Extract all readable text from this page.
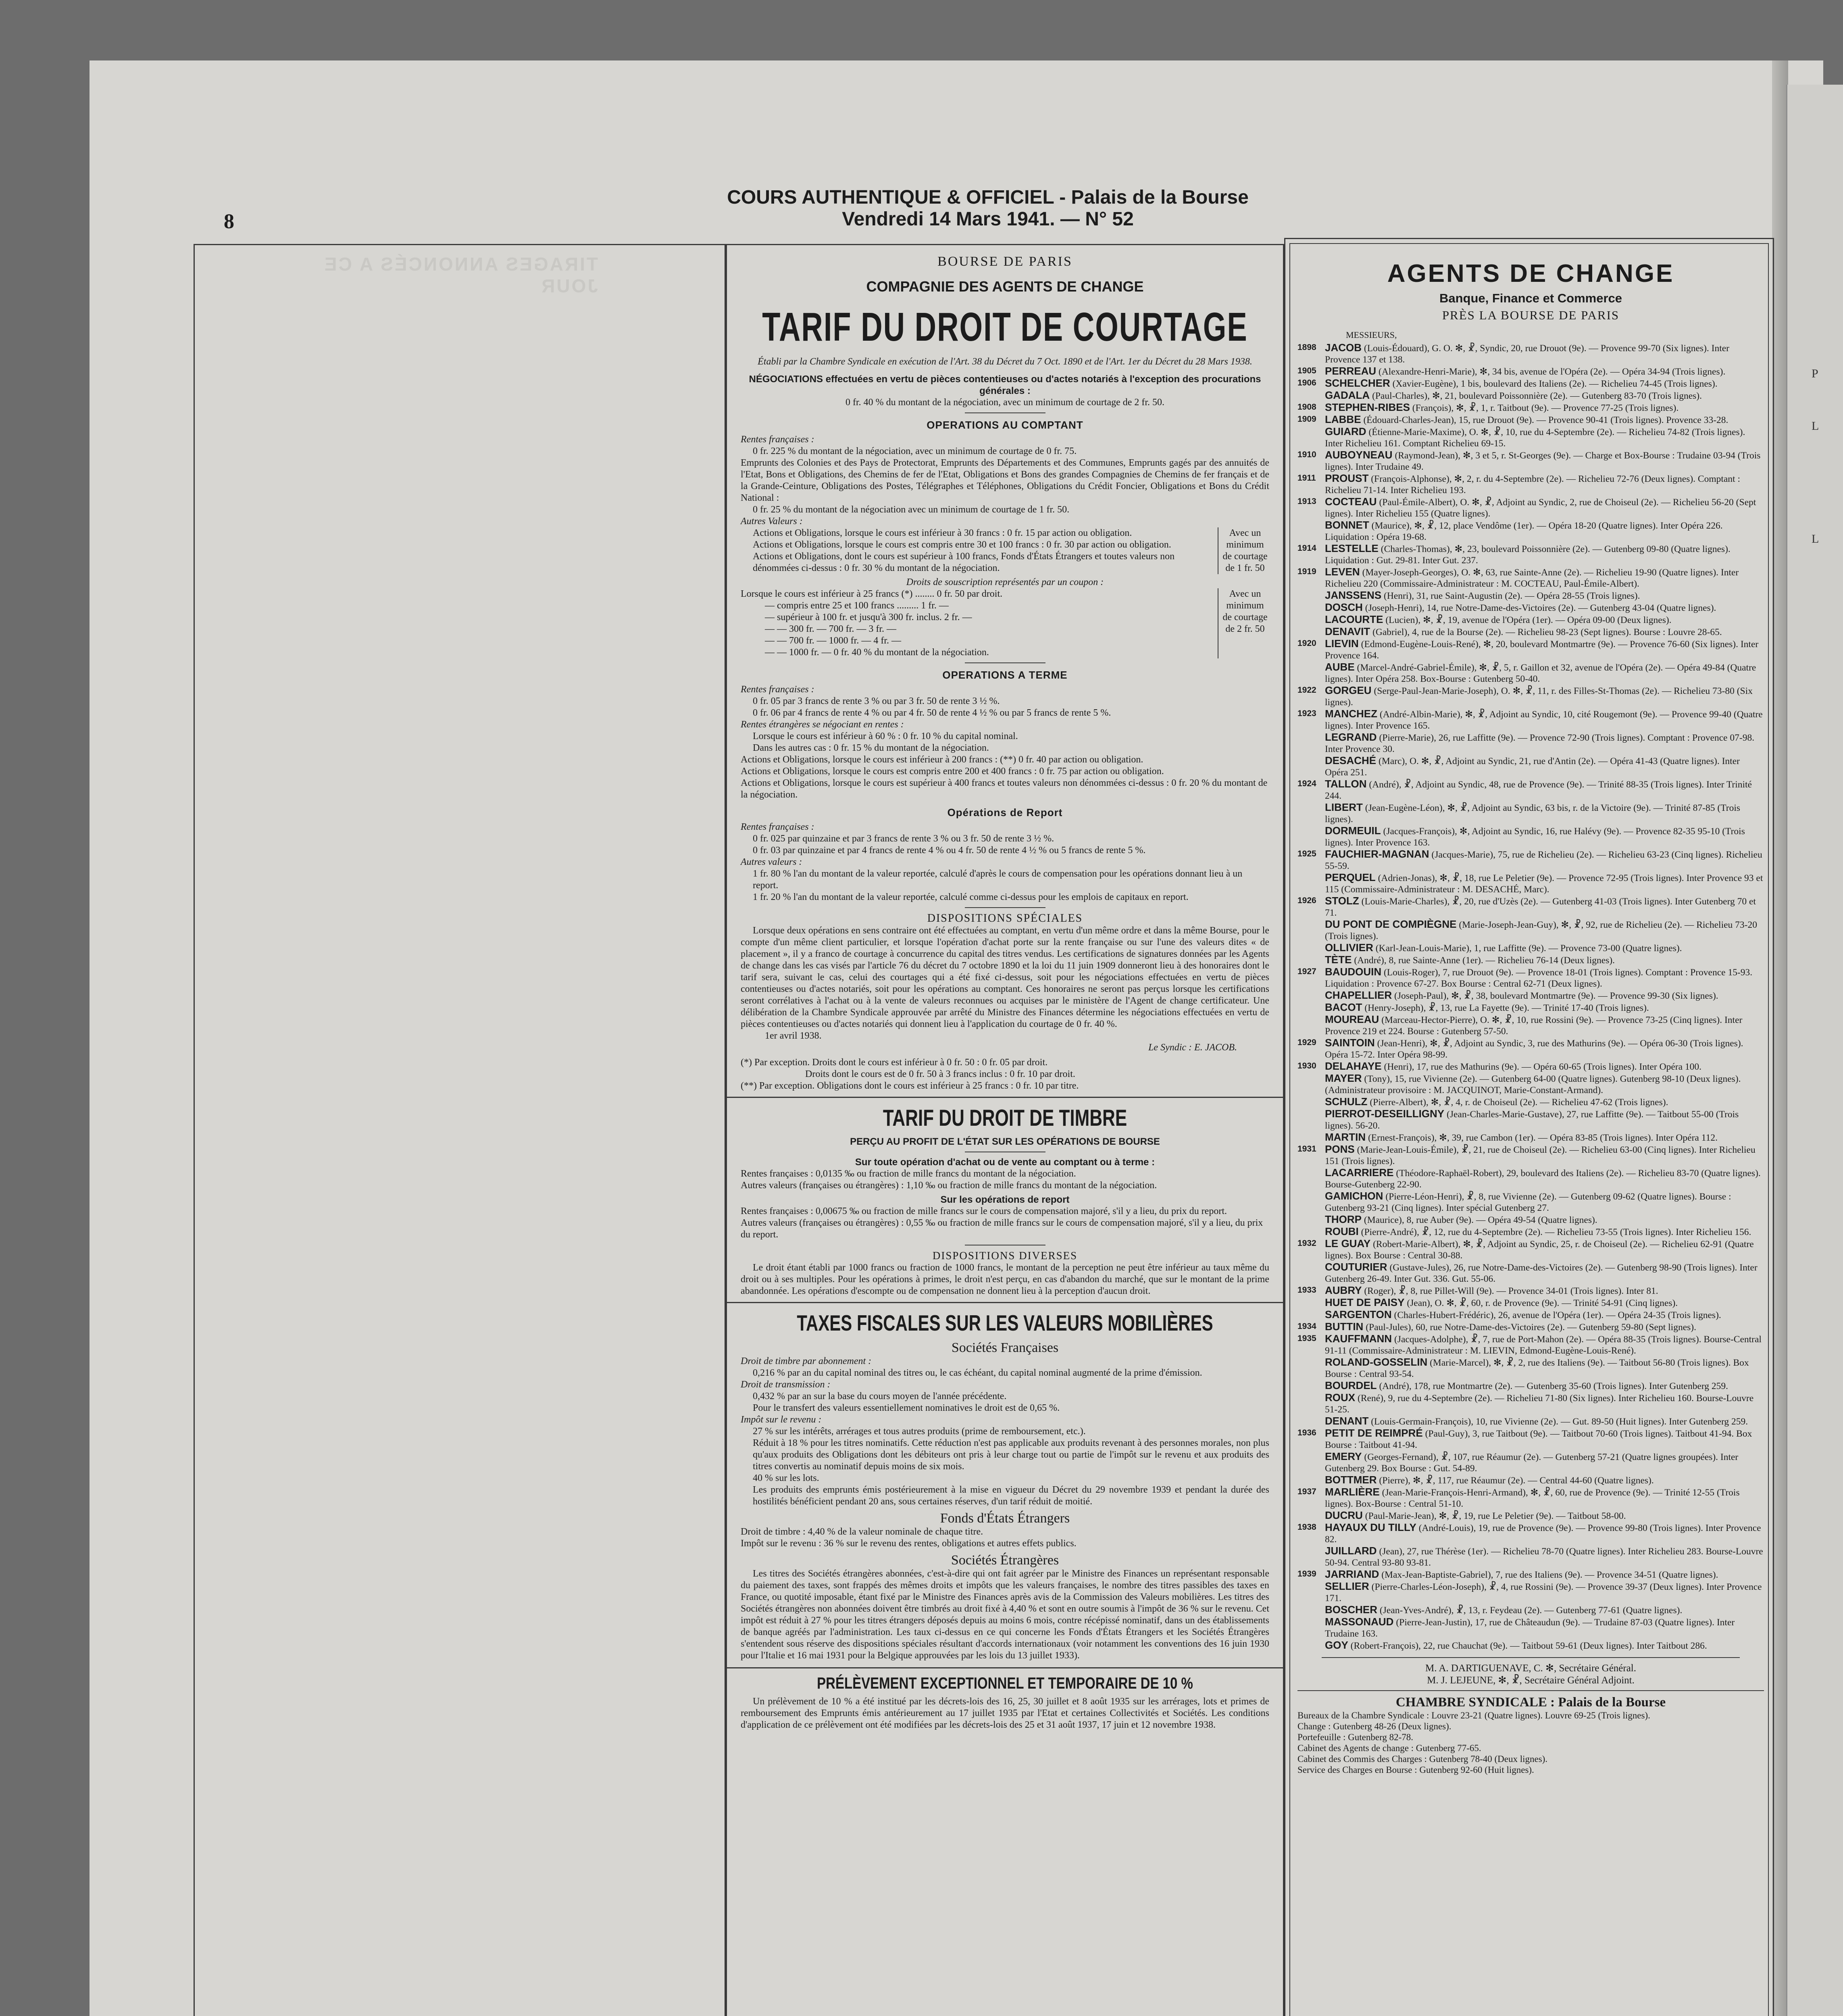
P
L
L
8
COURS AUTHENTIQUE & OFFICIEL - Palais de la Bourse
Vendredi 14 Mars 1941. — N° 52
TIRAGES ANNONCÉS A CE JOUR

BOURSE DE PARIS

COMPAGNIE DES AGENTS DE CHANGE

TARIF DU DROIT DE COURTAGE

Établi par la Chambre Syndicale en exécution de l'Art. 38 du Décret du 7 Oct. 1890 et de l'Art. 1er du Décret du 28 Mars 1938.

NÉGOCIATIONS effectuées en vertu de pièces contentieuses ou d'actes notariés à l'exception des procurations générales :

0 fr. 40 % du montant de la négociation, avec un minimum de courtage de 2 fr. 50.

OPERATIONS AU COMPTANT

Rentes françaises :

0 fr. 225 % du montant de la négociation, avec un minimum de courtage de 0 fr. 75.

Emprunts des Colonies et des Pays de Protectorat, Emprunts des Départements et des Communes, Emprunts gagés par des annuités de l'Etat, Bons et Obligations, des Chemins de fer de l'Etat, Obligations et Bons des grandes Compagnies de Chemins de fer français et de la Grande-Ceinture, Obligations des Postes, Télégraphes et Téléphones, Obligations du Crédit Foncier, Obligations et Bons du Crédit National :

0 fr. 25 % du montant de la négociation avec un minimum de courtage de 1 fr. 50.

Autres Valeurs :

Actions et Obligations, lorsque le cours est inférieur à 30 francs : 0 fr. 15 par action ou obligation.

Actions et Obligations, lorsque le cours est compris entre 30 et 100 francs : 0 fr. 30 par action ou obligation.

Actions et Obligations, dont le cours est supérieur à 100 francs, Fonds d'États Étrangers et toutes valeurs non dénommées ci-dessus : 0 fr. 30 % du montant de la négociation.

Avec un minimum de courtage de 1 fr. 50

Droits de souscription représentés par un coupon :

Lorsque le cours est inférieur à 25 francs (*) ........ 0 fr. 50 par droit.

— compris entre 25 et 100 francs ......... 1 fr. —

— supérieur à 100 fr. et jusqu'à 300 fr. inclus. 2 fr. —

— — 300 fr. — 700 fr. — 3 fr. —

— — 700 fr. — 1000 fr. — 4 fr. —

— — 1000 fr. — 0 fr. 40 % du montant de la négociation.

Avec un minimum de courtage de 2 fr. 50

OPERATIONS A TERME

Rentes françaises :

0 fr. 05 par 3 francs de rente 3 % ou par 3 fr. 50 de rente 3 ½ %.

0 fr. 06 par 4 francs de rente 4 % ou par 4 fr. 50 de rente 4 ½ % ou par 5 francs de rente 5 %.

Rentes étrangères se négociant en rentes :

Lorsque le cours est inférieur à 60 % : 0 fr. 10 % du capital nominal.

Dans les autres cas : 0 fr. 15 % du montant de la négociation.

Actions et Obligations, lorsque le cours est inférieur à 200 francs : (**) 0 fr. 40 par action ou obligation.

Actions et Obligations, lorsque le cours est compris entre 200 et 400 francs : 0 fr. 75 par action ou obligation.

Actions et Obligations, lorsque le cours est supérieur à 400 francs et toutes valeurs non dénommées ci-dessus : 0 fr. 20 % du montant de la négociation.

Opérations de Report

Rentes françaises :

0 fr. 025 par quinzaine et par 3 francs de rente 3 % ou 3 fr. 50 de rente 3 ½ %.

0 fr. 03 par quinzaine et par 4 francs de rente 4 % ou 4 fr. 50 de rente 4 ½ % ou 5 francs de rente 5 %.

Autres valeurs :

1 fr. 80 % l'an du montant de la valeur reportée, calculé d'après le cours de compensation pour les opérations donnant lieu à un report.

1 fr. 20 % l'an du montant de la valeur reportée, calculé comme ci-dessus pour les emplois de capitaux en report.

DISPOSITIONS SPÉCIALES

Lorsque deux opérations en sens contraire ont été effectuées au comptant, en vertu d'un même ordre et dans la même Bourse, pour le compte d'un même client particulier, et lorsque l'opération d'achat porte sur la rente française ou sur l'une des valeurs dites « de placement », il y a franco de courtage à concurrence du capital des titres vendus. Les certifications de signatures données par les Agents de change dans les cas visés par l'article 76 du décret du 7 octobre 1890 et la loi du 11 juin 1909 donneront lieu à des honoraires dont le tarif sera, suivant le cas, celui des courtages qui a été fixé ci-dessus, soit pour les négociations effectuées en vertu de pièces contentieuses ou d'actes notariés, soit pour les opérations au comptant. Ces honoraires ne seront pas perçus lorsque les certifications seront corrélatives à l'achat ou à la vente de valeurs reconnues ou acquises par le ministère de l'Agent de change certificateur. Une délibération de la Chambre Syndicale approuvée par arrêté du Ministre des Finances détermine les négociations effectuées en vertu de pièces contentieuses ou d'actes notariés qui donnent lieu à l'application du courtage de 0 fr. 40 %.

1er avril 1938.

Le Syndic : E. JACOB.

(*) Par exception. Droits dont le cours est inférieur à 0 fr. 50 : 0 fr. 05 par droit.

Droits dont le cours est de 0 fr. 50 à 3 francs inclus : 0 fr. 10 par droit.

(**) Par exception. Obligations dont le cours est inférieur à 25 francs : 0 fr. 10 par titre.

TARIF DU DROIT DE TIMBRE

PERÇU AU PROFIT DE L'ÉTAT SUR LES OPÉRATIONS DE BOURSE

Sur toute opération d'achat ou de vente au comptant ou à terme :

Rentes françaises : 0,0135 ‰ ou fraction de mille francs du montant de la négociation.

Autres valeurs (françaises ou étrangères) : 1,10 ‰ ou fraction de mille francs du montant de la négociation.

Sur les opérations de report

Rentes françaises : 0,00675 ‰ ou fraction de mille francs sur le cours de compensation majoré, s'il y a lieu, du prix du report.

Autres valeurs (françaises ou étrangères) : 0,55 ‰ ou fraction de mille francs sur le cours de compensation majoré, s'il y a lieu, du prix du report.

DISPOSITIONS DIVERSES

Le droit étant établi par 1000 francs ou fraction de 1000 francs, le montant de la perception ne peut être inférieur au taux même du droit ou à ses multiples. Pour les opérations à primes, le droit n'est perçu, en cas d'abandon du marché, que sur le montant de la prime abandonnée. Les opérations d'escompte ou de compensation ne donnent lieu à la perception d'aucun droit.

TAXES FISCALES SUR LES VALEURS MOBILIÈRES

Sociétés Françaises

Droit de timbre par abonnement :

0,216 % par an du capital nominal des titres ou, le cas échéant, du capital nominal augmenté de la prime d'émission.

Droit de transmission :

0,432 % par an sur la base du cours moyen de l'année précédente.

Pour le transfert des valeurs essentiellement nominatives le droit est de 0,65 %.

Impôt sur le revenu :

27 % sur les intérêts, arrérages et tous autres produits (prime de remboursement, etc.).

Réduit à 18 % pour les titres nominatifs. Cette réduction n'est pas applicable aux produits revenant à des personnes morales, non plus qu'aux produits des Obligations dont les débiteurs ont pris à leur charge tout ou partie de l'impôt sur le revenu et aux produits des titres convertis au nominatif depuis moins de six mois.

40 % sur les lots.

Les produits des emprunts émis postérieurement à la mise en vigueur du Décret du 29 novembre 1939 et pendant la durée des hostilités bénéficient pendant 20 ans, sous certaines réserves, d'un tarif réduit de moitié.

Fonds d'États Étrangers

Droit de timbre : 4,40 % de la valeur nominale de chaque titre.

Impôt sur le revenu : 36 % sur le revenu des rentes, obligations et autres effets publics.

Sociétés Étrangères

Les titres des Sociétés étrangères abonnées, c'est-à-dire qui ont fait agréer par le Ministre des Finances un représentant responsable du paiement des taxes, sont frappés des mêmes droits et impôts que les valeurs françaises, le nombre des titres passibles des taxes en France, ou quotité imposable, étant fixé par le Ministre des Finances après avis de la Commission des Valeurs mobilières. Les titres des Sociétés étrangères non abonnées doivent être timbrés au droit fixé à 4,40 % et sont en outre soumis à l'impôt de 36 % sur le revenu. Cet impôt est réduit à 27 % pour les titres étrangers déposés depuis au moins 6 mois, contre récépissé nominatif, dans un des établissements de banque agréés par l'administration. Les taux ci-dessus en ce qui concerne les Fonds d'États Étrangers et les Sociétés Étrangères s'entendent sous réserve des dispositions spéciales résultant d'accords internationaux (voir notamment les conventions des 16 juin 1930 pour l'Italie et 16 mai 1931 pour la Belgique approuvées par les lois du 13 juillet 1933).

PRÉLÈVEMENT EXCEPTIONNEL ET TEMPORAIRE DE 10 %

Un prélèvement de 10 % a été institué par les décrets-lois des 16, 25, 30 juillet et 8 août 1935 sur les arrérages, lots et primes de remboursement des Emprunts émis antérieurement au 17 juillet 1935 par l'Etat et certaines Collectivités et Sociétés. Les conditions d'application de ce prélèvement ont été modifiées par les décrets-lois des 25 et 31 août 1937, 17 juin et 12 novembre 1938.

AGENTS DE CHANGE

Banque, Finance et Commerce

PRÈS LA BOURSE DE PARIS

MESSIEURS,

1898 JACOB (Louis-Édouard), G. O. ✻, ☧, Syndic, 20, rue Drouot (9e). — Provence 99-70 (Six lignes). Inter Provence 137 et 138.
1905 PERREAU (Alexandre-Henri-Marie), ✻, 34 bis, avenue de l'Opéra (2e). — Opéra 34-94 (Trois lignes).
1906 SCHELCHER (Xavier-Eugène), 1 bis, boulevard des Italiens (2e). — Richelieu 74-45 (Trois lignes).
GADALA (Paul-Charles), ✻, 21, boulevard Poissonnière (2e). — Gutenberg 83-70 (Trois lignes).
1908 STEPHEN-RIBES (François), ✻, ☧, 1, r. Taitbout (9e). — Provence 77-25 (Trois lignes).
1909 LABBE (Édouard-Charles-Jean), 15, rue Drouot (9e). — Provence 90-41 (Trois lignes). Provence 33-28.
GUIARD (Étienne-Marie-Maxime), O. ✻, ☧, 10, rue du 4-Septembre (2e). — Richelieu 74-82 (Trois lignes). Inter Richelieu 161. Comptant Richelieu 69-15.
1910 AUBOYNEAU (Raymond-Jean), ✻, 3 et 5, r. St-Georges (9e). — Charge et Box-Bourse : Trudaine 03-94 (Trois lignes). Inter Trudaine 49.
1911 PROUST (François-Alphonse), ✻, 2, r. du 4-Septembre (2e). — Richelieu 72-76 (Deux lignes). Comptant : Richelieu 71-14. Inter Richelieu 193.
1913 COCTEAU (Paul-Émile-Albert), O. ✻, ☧, Adjoint au Syndic, 2, rue de Choiseul (2e). — Richelieu 56-20 (Sept lignes). Inter Richelieu 155 (Quatre lignes).
BONNET (Maurice), ✻, ☧, 12, place Vendôme (1er). — Opéra 18-20 (Quatre lignes). Inter Opéra 226. Liquidation : Opéra 19-68.
1914 LESTELLE (Charles-Thomas), ✻, 23, boulevard Poissonnière (2e). — Gutenberg 09-80 (Quatre lignes). Liquidation : Gut. 29-81. Inter Gut. 237.
1919 LEVEN (Mayer-Joseph-Georges), O. ✻, 63, rue Sainte-Anne (2e). — Richelieu 19-90 (Quatre lignes). Inter Richelieu 220 (Commissaire-Administrateur : M. COCTEAU, Paul-Émile-Albert).
JANSSENS (Henri), 31, rue Saint-Augustin (2e). — Opéra 28-55 (Trois lignes).
DOSCH (Joseph-Henri), 14, rue Notre-Dame-des-Victoires (2e). — Gutenberg 43-04 (Quatre lignes).
LACOURTE (Lucien), ✻, ☧, 19, avenue de l'Opéra (1er). — Opéra 09-00 (Deux lignes).
DENAVIT (Gabriel), 4, rue de la Bourse (2e). — Richelieu 98-23 (Sept lignes). Bourse : Louvre 28-65.
1920 LIEVIN (Edmond-Eugène-Louis-René), ✻, 20, boulevard Montmartre (9e). — Provence 76-60 (Six lignes). Inter Provence 164.
AUBE (Marcel-André-Gabriel-Émile), ✻, ☧, 5, r. Gaillon et 32, avenue de l'Opéra (2e). — Opéra 49-84 (Quatre lignes). Inter Opéra 258. Box-Bourse : Gutenberg 50-40.
1922 GORGEU (Serge-Paul-Jean-Marie-Joseph), O. ✻, ☧, 11, r. des Filles-St-Thomas (2e). — Richelieu 73-80 (Six lignes).
1923 MANCHEZ (André-Albin-Marie), ✻, ☧, Adjoint au Syndic, 10, cité Rougemont (9e). — Provence 99-40 (Quatre lignes). Inter Provence 165.
LEGRAND (Pierre-Marie), 26, rue Laffitte (9e). — Provence 72-90 (Trois lignes). Comptant : Provence 07-98. Inter Provence 30.
DESACHÉ (Marc), O. ✻, ☧, Adjoint au Syndic, 21, rue d'Antin (2e). — Opéra 41-43 (Quatre lignes). Inter Opéra 251.
1924 TALLON (André), ☧, Adjoint au Syndic, 48, rue de Provence (9e). — Trinité 88-35 (Trois lignes). Inter Trinité 244.
LIBERT (Jean-Eugène-Léon), ✻, ☧, Adjoint au Syndic, 63 bis, r. de la Victoire (9e). — Trinité 87-85 (Trois lignes).
DORMEUIL (Jacques-François), ✻, Adjoint au Syndic, 16, rue Halévy (9e). — Provence 82-35 95-10 (Trois lignes). Inter Provence 163.
1925 FAUCHIER-MAGNAN (Jacques-Marie), 75, rue de Richelieu (2e). — Richelieu 63-23 (Cinq lignes). Richelieu 55-59.
PERQUEL (Adrien-Jonas), ✻, ☧, 18, rue Le Peletier (9e). — Provence 72-95 (Trois lignes). Inter Provence 93 et 115 (Commissaire-Administrateur : M. DESACHÉ, Marc).
1926 STOLZ (Louis-Marie-Charles), ☧, 20, rue d'Uzès (2e). — Gutenberg 41-03 (Trois lignes). Inter Gutenberg 70 et 71.
DU PONT DE COMPIÈGNE (Marie-Joseph-Jean-Guy), ✻, ☧, 92, rue de Richelieu (2e). — Richelieu 73-20 (Trois lignes).
OLLIVIER (Karl-Jean-Louis-Marie), 1, rue Laffitte (9e). — Provence 73-00 (Quatre lignes).
TÈTE (André), 8, rue Sainte-Anne (1er). — Richelieu 76-14 (Deux lignes).
1927 BAUDOUIN (Louis-Roger), 7, rue Drouot (9e). — Provence 18-01 (Trois lignes). Comptant : Provence 15-93. Liquidation : Provence 67-27. Box Bourse : Central 62-71 (Deux lignes).
CHAPELLIER (Joseph-Paul), ✻, ☧, 38, boulevard Montmartre (9e). — Provence 99-30 (Six lignes).
BACOT (Henry-Joseph), ☧, 13, rue La Fayette (9e). — Trinité 17-40 (Trois lignes).
MOUREAU (Marceau-Hector-Pierre), O. ✻, ☧, 10, rue Rossini (9e). — Provence 73-25 (Cinq lignes). Inter Provence 219 et 224. Bourse : Gutenberg 57-50.
1929 SAINTOIN (Jean-Henri), ✻, ☧, Adjoint au Syndic, 3, rue des Mathurins (9e). — Opéra 06-30 (Trois lignes). Opéra 15-72. Inter Opéra 98-99.
1930 DELAHAYE (Henri), 17, rue des Mathurins (9e). — Opéra 60-65 (Trois lignes). Inter Opéra 100.
MAYER (Tony), 15, rue Vivienne (2e). — Gutenberg 64-00 (Quatre lignes). Gutenberg 98-10 (Deux lignes). (Administrateur provisoire : M. JACQUINOT, Marie-Constant-Armand).
SCHULZ (Pierre-Albert), ✻, ☧, 4, r. de Choiseul (2e). — Richelieu 47-62 (Trois lignes).
PIERROT-DESEILLIGNY (Jean-Charles-Marie-Gustave), 27, rue Laffitte (9e). — Taitbout 55-00 (Trois lignes). 56-20.
MARTIN (Ernest-François), ✻, 39, rue Cambon (1er). — Opéra 83-85 (Trois lignes). Inter Opéra 112.
1931 PONS (Marie-Jean-Louis-Émile), ☧, 21, rue de Choiseul (2e). — Richelieu 63-00 (Cinq lignes). Inter Richelieu 151 (Trois lignes).
LACARRIERE (Théodore-Raphaël-Robert), 29, boulevard des Italiens (2e). — Richelieu 83-70 (Quatre lignes). Bourse-Gutenberg 22-90.
GAMICHON (Pierre-Léon-Henri), ☧, 8, rue Vivienne (2e). — Gutenberg 09-62 (Quatre lignes). Bourse : Gutenberg 93-21 (Cinq lignes). Inter spécial Gutenberg 27.
THORP (Maurice), 8, rue Auber (9e). — Opéra 49-54 (Quatre lignes).
ROUBI (Pierre-André), ☧, 12, rue du 4-Septembre (2e). — Richelieu 73-55 (Trois lignes). Inter Richelieu 156.
1932 LE GUAY (Robert-Marie-Albert), ✻, ☧, Adjoint au Syndic, 25, r. de Choiseul (2e). — Richelieu 62-91 (Quatre lignes). Box Bourse : Central 30-88.
COUTURIER (Gustave-Jules), 26, rue Notre-Dame-des-Victoires (2e). — Gutenberg 98-90 (Trois lignes). Inter Gutenberg 26-49. Inter Gut. 336. Gut. 55-06.
1933 AUBRY (Roger), ☧, 8, rue Pillet-Will (9e). — Provence 34-01 (Trois lignes). Inter 81.
HUET DE PAISY (Jean), O. ✻, ☧, 60, r. de Provence (9e). — Trinité 54-91 (Cinq lignes).
SARGENTON (Charles-Hubert-Frédéric), 26, avenue de l'Opéra (1er). — Opéra 24-35 (Trois lignes).
1934 BUTTIN (Paul-Jules), 60, rue Notre-Dame-des-Victoires (2e). — Gutenberg 59-80 (Sept lignes).
1935 KAUFFMANN (Jacques-Adolphe), ☧, 7, rue de Port-Mahon (2e). — Opéra 88-35 (Trois lignes). Bourse-Central 91-11 (Commissaire-Administrateur : M. LIEVIN, Edmond-Eugène-Louis-René).
ROLAND-GOSSELIN (Marie-Marcel), ✻, ☧, 2, rue des Italiens (9e). — Taitbout 56-80 (Trois lignes). Box Bourse : Central 93-54.
BOURDEL (André), 178, rue Montmartre (2e). — Gutenberg 35-60 (Trois lignes). Inter Gutenberg 259.
ROUX (René), 9, rue du 4-Septembre (2e). — Richelieu 71-80 (Six lignes). Inter Richelieu 160. Bourse-Louvre 51-25.
DENANT (Louis-Germain-François), 10, rue Vivienne (2e). — Gut. 89-50 (Huit lignes). Inter Gutenberg 259.
1936 PETIT DE REIMPRÉ (Paul-Guy), 3, rue Taitbout (9e). — Taitbout 70-60 (Trois lignes). Taitbout 41-94. Box Bourse : Taitbout 41-94.
EMERY (Georges-Fernand), ☧, 107, rue Réaumur (2e). — Gutenberg 57-21 (Quatre lignes groupées). Inter Gutenberg 29. Box Bourse : Gut. 54-89.
BOTTMER (Pierre), ✻, ☧, 117, rue Réaumur (2e). — Central 44-60 (Quatre lignes).
1937 MARLIÈRE (Jean-Marie-François-Henri-Armand), ✻, ☧, 60, rue de Provence (9e). — Trinité 12-55 (Trois lignes). Box-Bourse : Central 51-10.
DUCRU (Paul-Marie-Jean), ✻, ☧, 19, rue Le Peletier (9e). — Taitbout 58-00.
1938 HAYAUX DU TILLY (André-Louis), 19, rue de Provence (9e). — Provence 99-80 (Trois lignes). Inter Provence 82.
JUILLARD (Jean), 27, rue Thérèse (1er). — Richelieu 78-70 (Quatre lignes). Inter Richelieu 283. Bourse-Louvre 50-94. Central 93-80 93-81.
1939 JARRIAND (Max-Jean-Baptiste-Gabriel), 7, rue des Italiens (9e). — Provence 34-51 (Quatre lignes).
SELLIER (Pierre-Charles-Léon-Joseph), ☧, 4, rue Rossini (9e). — Provence 39-37 (Deux lignes). Inter Provence 171.
BOSCHER (Jean-Yves-André), ☧, 13, r. Feydeau (2e). — Gutenberg 77-61 (Quatre lignes).
MASSONAUD (Pierre-Jean-Justin), 17, rue de Châteaudun (9e). — Trudaine 87-03 (Quatre lignes). Inter Trudaine 163.
GOY (Robert-François), 22, rue Chauchat (9e). — Taitbout 59-61 (Deux lignes). Inter Taitbout 286.

M. A. DARTIGUENAVE, C. ✻, Secrétaire Général.

M. J. LEJEUNE, ✻, ☧, Secrétaire Général Adjoint.

CHAMBRE SYNDICALE : Palais de la Bourse

Bureaux de la Chambre Syndicale : Louvre 23-21 (Quatre lignes). Louvre 69-25 (Trois lignes).

Change : Gutenberg 48-26 (Deux lignes).

Portefeuille : Gutenberg 82-78.

Cabinet des Agents de change : Gutenberg 77-65.

Cabinet des Commis des Charges : Gutenberg 78-40 (Deux lignes).

Service des Charges en Bourse : Gutenberg 92-60 (Huit lignes).
